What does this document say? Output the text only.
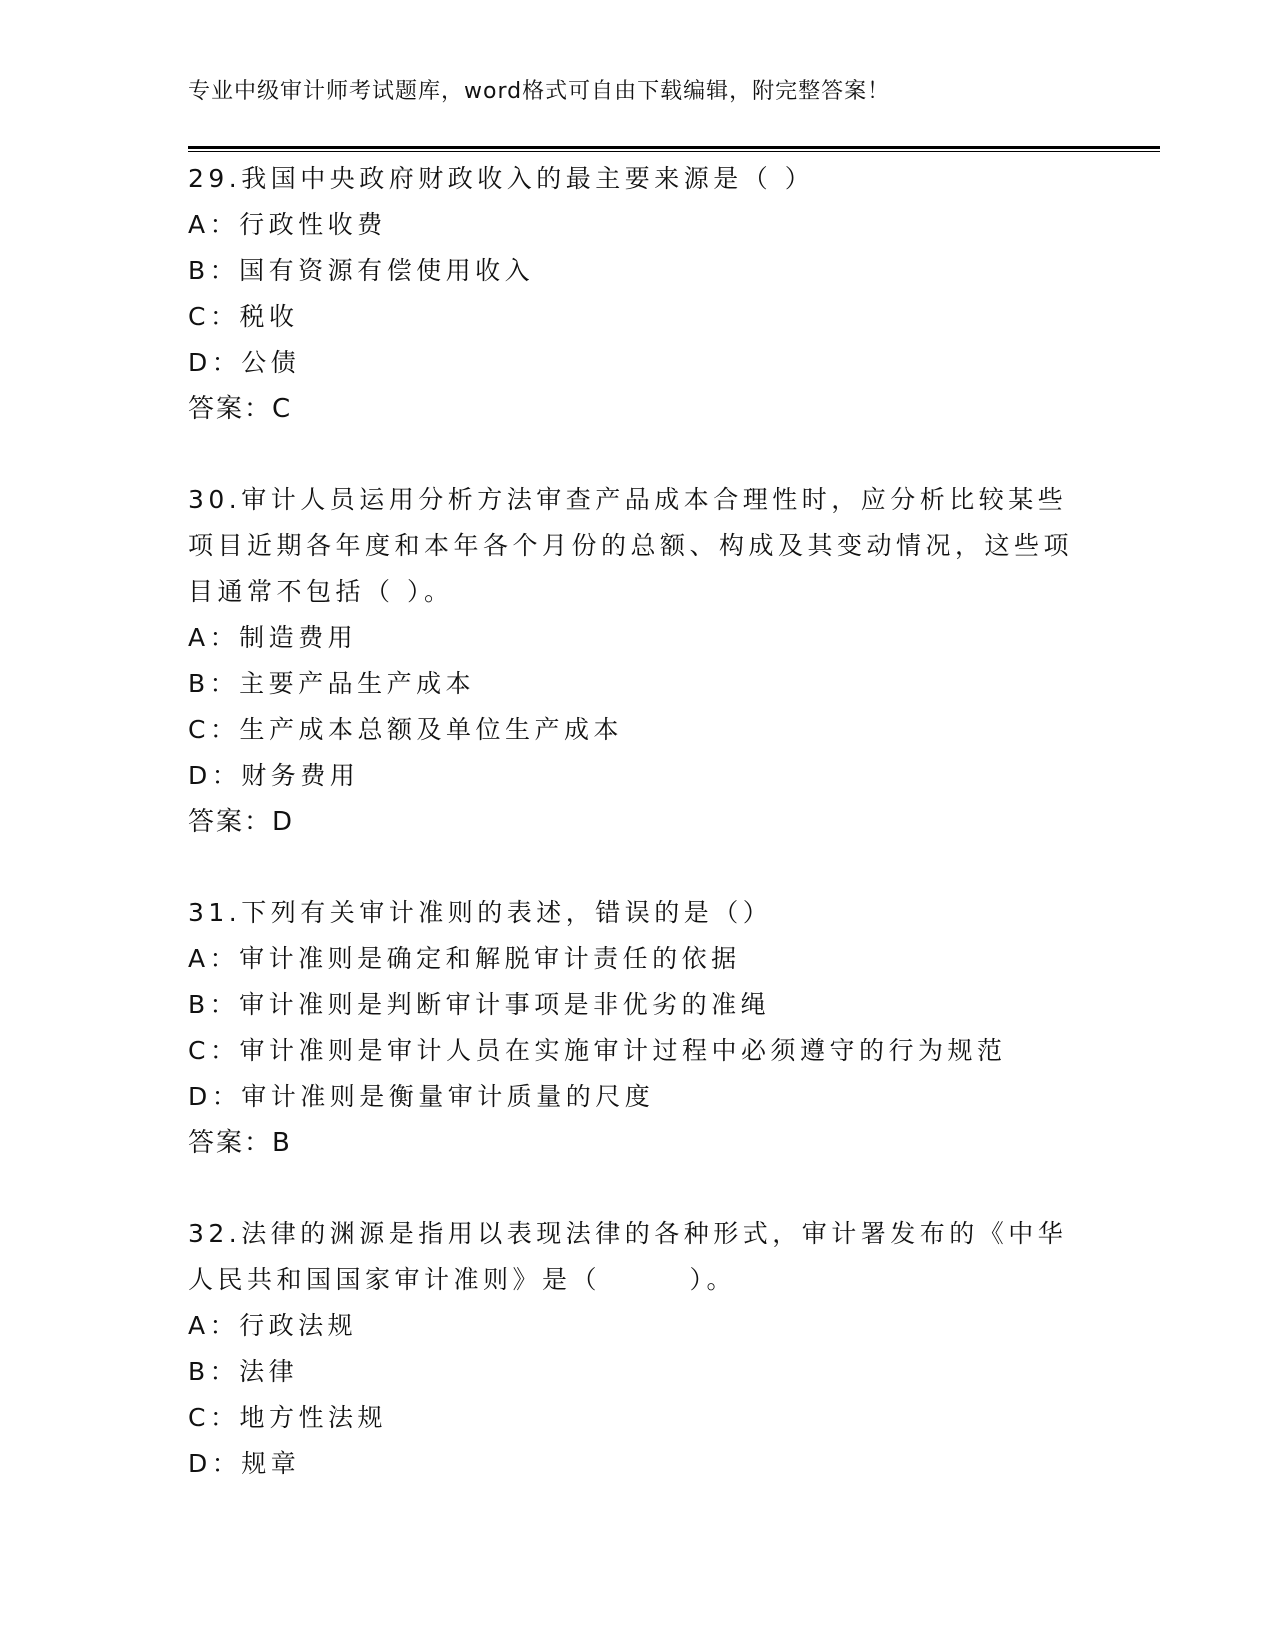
专业中级审计师考试题库，word格式可自由下载编辑，附完整答案！
29.我国中央政府财政收入的最主要来源是（ ）
A：行政性收费
B：国有资源有偿使用收入
C：税收
D：公债
答案：C
30.审计人员运用分析方法审查产品成本合理性时，应分析比较某些项目近期各年度和本年各个月份的总额、构成及其变动情况，这些项目通常不包括（ ）。
A：制造费用
B：主要产品生产成本
C：生产成本总额及单位生产成本
D：财务费用
答案：D
31.下列有关审计准则的表述，错误的是（）
A：审计准则是确定和解脱审计责任的依据
B：审计准则是判断审计事项是非优劣的准绳
C：审计准则是审计人员在实施审计过程中必须遵守的行为规范
D：审计准则是衡量审计质量的尺度
答案：B
32.法律的渊源是指用以表现法律的各种形式，审计署发布的《中华人民共和国国家审计准则》是（　　　）。
A：行政法规
B：法律
C：地方性法规
D：规章
